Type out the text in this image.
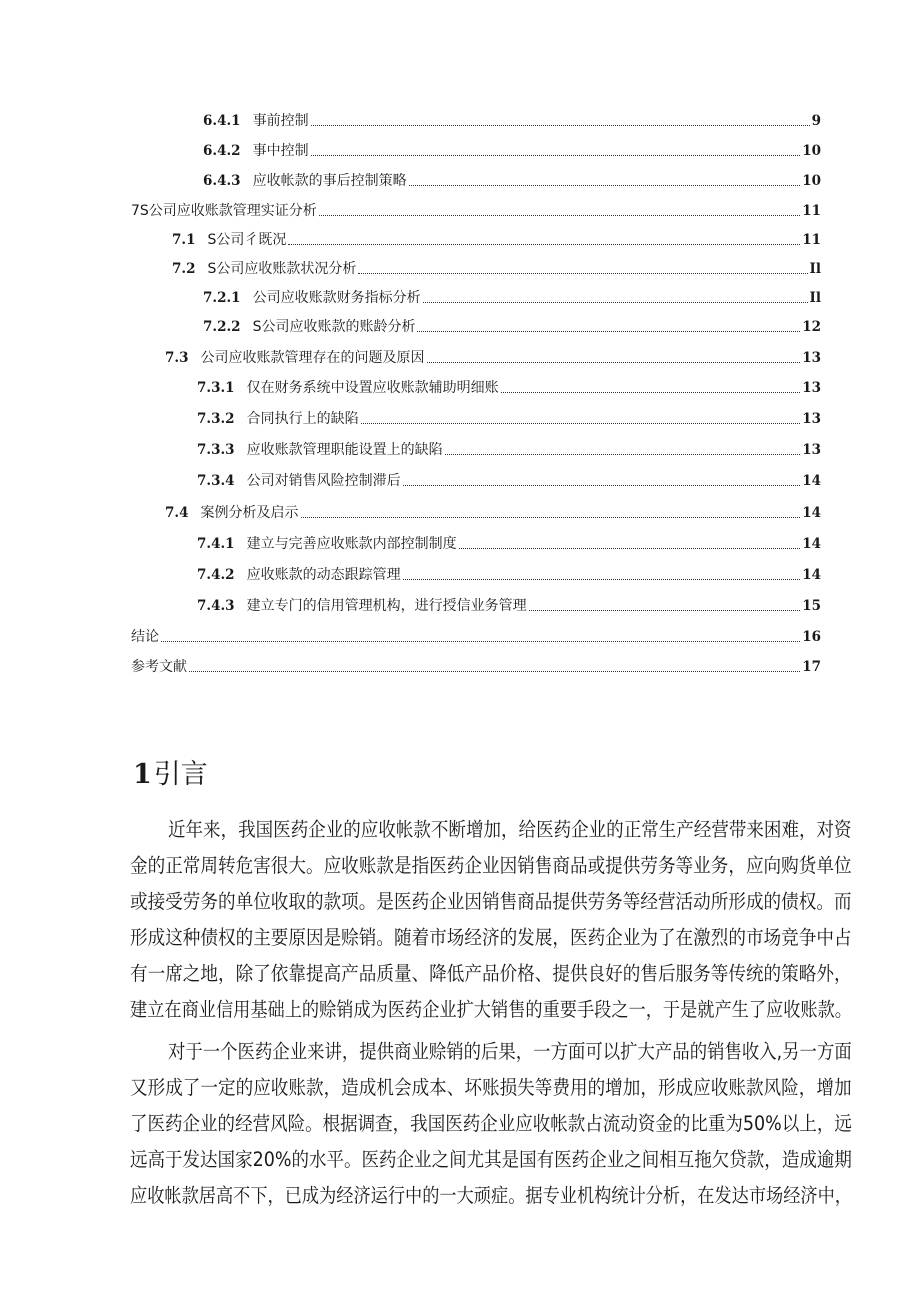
6.4.1 事前控制	9
6.4.2 事中控制	10
6.4.3 应收帐款的事后控制策略	10
7S公司应收账款管理实证分析	11
7.1 S公司彳既况	11
7.2 S公司应收账款状况分析	Il
7.2.1 公司应收账款财务指标分析	Il
7.2.2 S公司应收账款的账龄分析	12
7.3 公司应收账款管理存在的问题及原因	13
7.3.1 仅在财务系统中设置应收账款辅助明细账	13
7.3.2 合同执行上的缺陷	13
7.3.3 应收账款管理职能设置上的缺陷	13
7.3.4 公司对销售风险控制滞后	14
7.4 案例分析及启示	14
7.4.1 建立与完善应收账款内部控制制度	14
7.4.2 应收账款的动态跟踪管理	14
7.4.3 建立专门的信用管理机构，进行授信业务管理	15
结论	16
参考文献	17
1引言
近年来，我国医药企业的应收帐款不断增加，给医药企业的正常生产经营带来困难，对资
金的正常周转危害很大。应收账款是指医药企业因销售商品或提供劳务等业务，应向购货单位
或接受劳务的单位收取的款项。是医药企业因销售商品提供劳务等经营活动所形成的债权。而
形成这种债权的主要原因是赊销。随着市场经济的发展，医药企业为了在激烈的市场竞争中占
有一席之地，除了依靠提高产品质量、降低产品价格、提供良好的售后服务等传统的策略外，
建立在商业信用基础上的赊销成为医药企业扩大销售的重要手段之一，于是就产生了应收账款。
对于一个医药企业来讲，提供商业赊销的后果，一方面可以扩大产品的销售收入,另一方面
又形成了一定的应收账款，造成机会成本、坏账损失等费用的增加，形成应收账款风险，增加
了医药企业的经营风险。根据调查，我国医药企业应收帐款占流动资金的比重为50%以上，远
远高于发达国家20%的水平。医药企业之间尤其是国有医药企业之间相互拖欠贷款，造成逾期
应收帐款居高不下，已成为经济运行中的一大顽症。据专业机构统计分析，在发达市场经济中，
